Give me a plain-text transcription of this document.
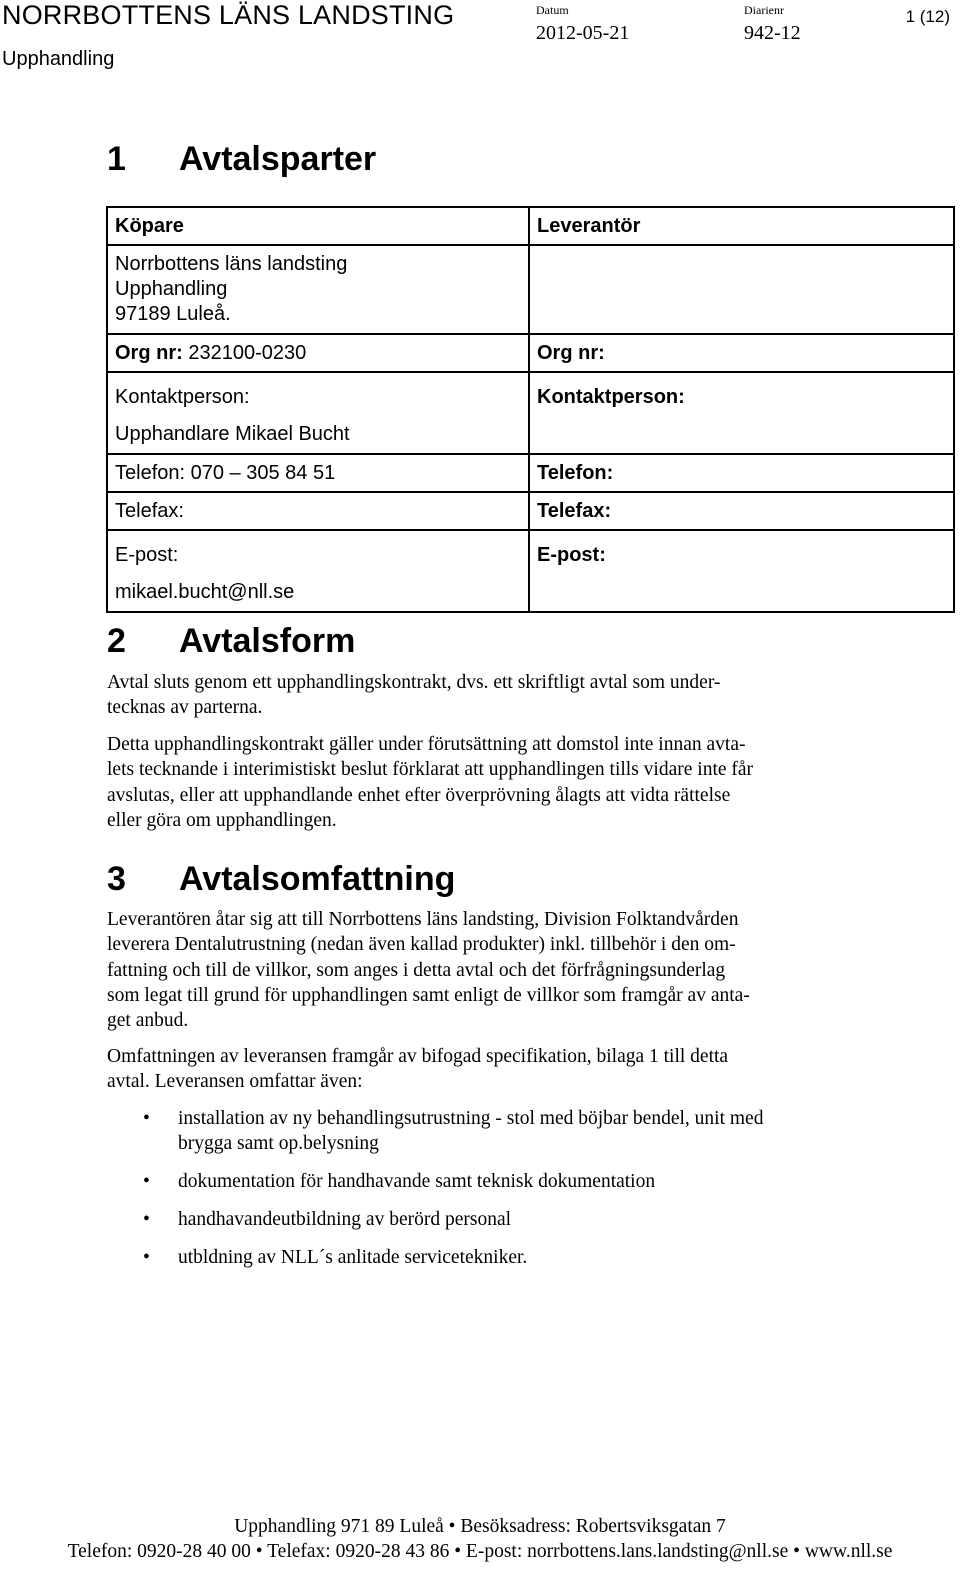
NORRBOTTENS LÄNS LANDSTING
Upphandling
Datum
2012-05-21
Diarienr
942-12
1 (12)
1 Avtalsparter
Köpare	Leverantör

Norrbottens läns landsting
Upphandling
97189 Luleå.	

Org nr: 232100-0230	Org nr:

Kontaktperson:
Upphandlare Mikael Bucht	Kontaktperson:
Telefon: 070 – 305 84 51	Telefon:
Telefax:	Telefax:

E-post:
mikael.bucht@nll.se	E-post:
2 Avtalsform

Avtal sluts genom ett upphandlingskontrakt, dvs. ett skriftligt avtal som under-
tecknas av parterna.

Detta upphandlingskontrakt gäller under förutsättning att domstol inte innan avta-
lets tecknande i interimistiskt beslut förklarat att upphandlingen tills vidare inte får
avslutas, eller att upphandlande enhet efter överprövning ålagts att vidta rättelse
eller göra om upphandlingen.

3 Avtalsomfattning

Leverantören åtar sig att till Norrbottens läns landsting, Division Folktandvården
leverera Dentalutrustning (nedan även kallad produkter) inkl. tillbehör i den om-
fattning och till de villkor, som anges i detta avtal och det förfrågningsunderlag
som legat till grund för upphandlingen samt enligt de villkor som framgår av anta-
get anbud.

Omfattningen av leveransen framgår av bifogad specifikation, bilaga 1 till detta
avtal. Leveransen omfattar även:

• installation av ny behandlingsutrustning - stol med böjbar bendel, unit med
brygga samt op.belysning
• dokumentation för handhavande samt teknisk dokumentation
• handhavandeutbildning av berörd personal
• utbldning av NLL´s anlitade servicetekniker.
Upphandling 971 89 Luleå • Besöksadress: Robertsviksgatan 7
Telefon: 0920-28 40 00 • Telefax: 0920-28 43 86 • E-post: norrbottens.lans.landsting@nll.se • www.nll.se
